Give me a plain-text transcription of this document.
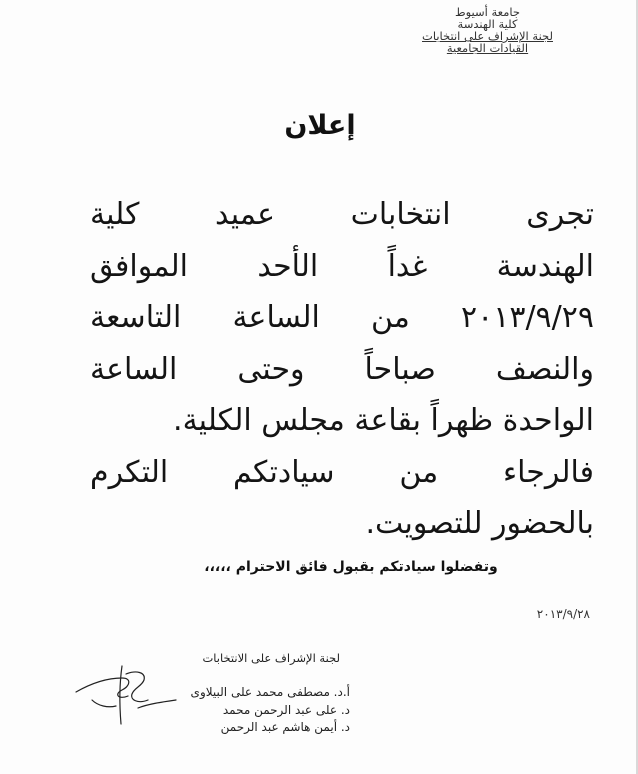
جامعة أسيوط
كلية الهندسة
لجنة الإشراف على انتخابات
القيادات الجامعية
إعلان
تجرى انتخابات عميد كلية
الهندسة غداً الأحد الموافق
٢٠١٣/٩/٢٩ من الساعة التاسعة
والنصف صباحاً وحتى الساعة
الواحدة ظهراً بقاعة مجلس الكلية.
فالرجاء من سيادتكم التكرم
بالحضور للتصويت.
وتفضلوا سيادتكم بقبول فائق الاحترام ،،،،،
٢٠١٣/٩/٢٨
لجنة الإشراف على الانتخابات
أ.د. مصطفى محمد على البيلاوى
د. على عبد الرحمن محمد
د. أيمن هاشم عبد الرحمن
